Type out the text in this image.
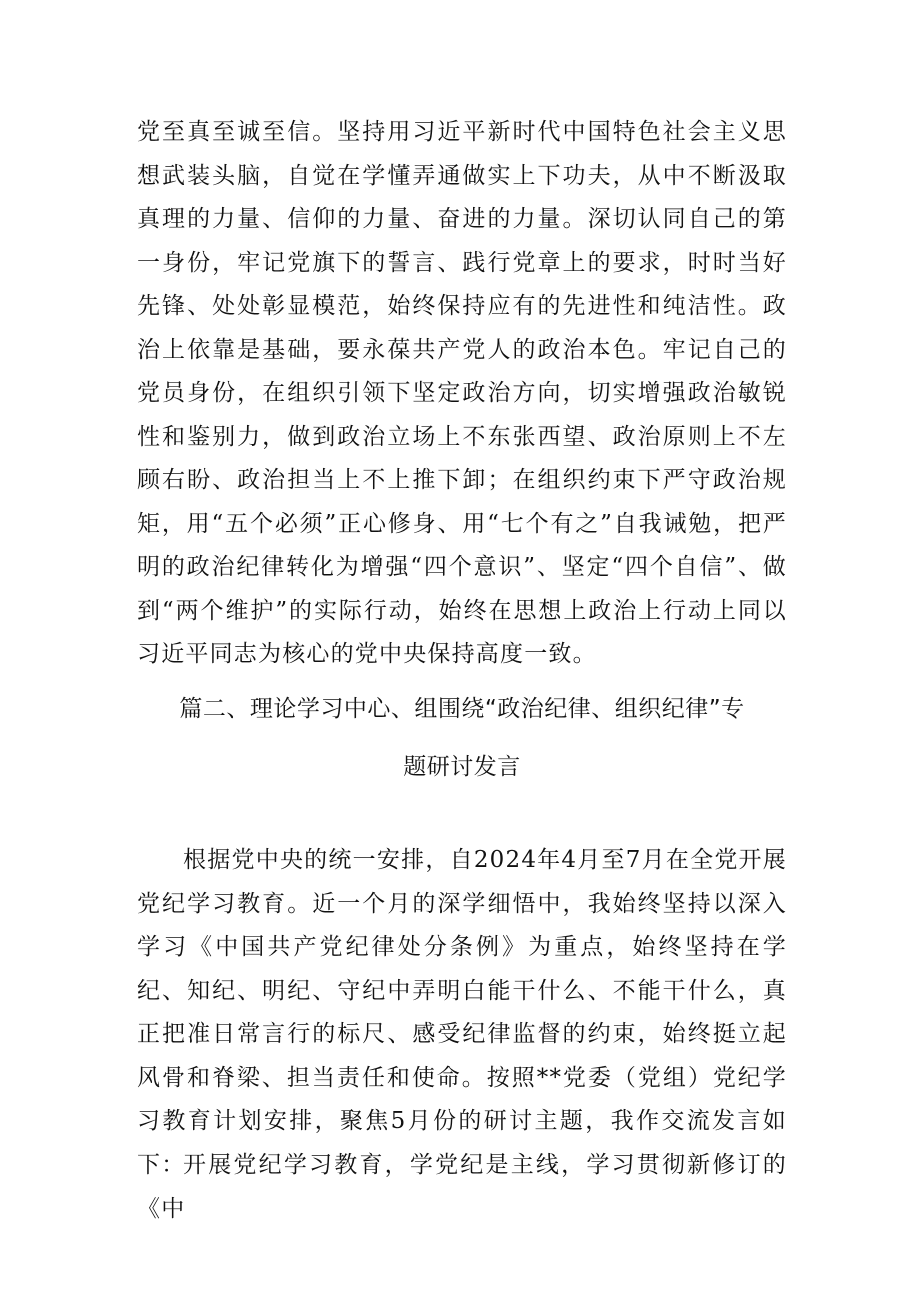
党至真至诚至信。坚持用习近平新时代中国特色社会主义思想武装头脑，自觉在学懂弄通做实上下功夫，从中不断汲取真理的力量、信仰的力量、奋进的力量。深切认同自己的第一身份，牢记党旗下的誓言、践行党章上的要求，时时当好先锋、处处彰显模范，始终保持应有的先进性和纯洁性。政治上依靠是基础，要永葆共产党人的政治本色。牢记自己的党员身份，在组织引领下坚定政治方向，切实增强政治敏锐性和鉴别力，做到政治立场上不东张西望、政治原则上不左顾右盼、政治担当上不上推下卸；在组织约束下严守政治规矩，用“五个必须”正心修身、用“七个有之”自我诫勉，把严明的政治纪律转化为增强“四个意识”、坚定“四个自信”、做到“两个维护”的实际行动，始终在思想上政治上行动上同以习近平同志为核心的党中央保持高度一致。

篇二、理论学习中心、组围绕“政治纪律、组织纪律”专
题研讨发言

根据党中央的统一安排，自2024年4月至7月在全党开展党纪学习教育。近一个月的深学细悟中，我始终坚持以深入学习《中国共产党纪律处分条例》为重点，始终坚持在学纪、知纪、明纪、守纪中弄明白能干什么、不能干什么，真正把准日常言行的标尺、感受纪律监督的约束，始终挺立起风骨和脊梁、担当责任和使命。按照**党委（党组）党纪学习教育计划安排，聚焦5月份的研讨主题，我作交流发言如下：

开展党纪学习教育，学党纪是主线，学习贯彻新修订的《中
